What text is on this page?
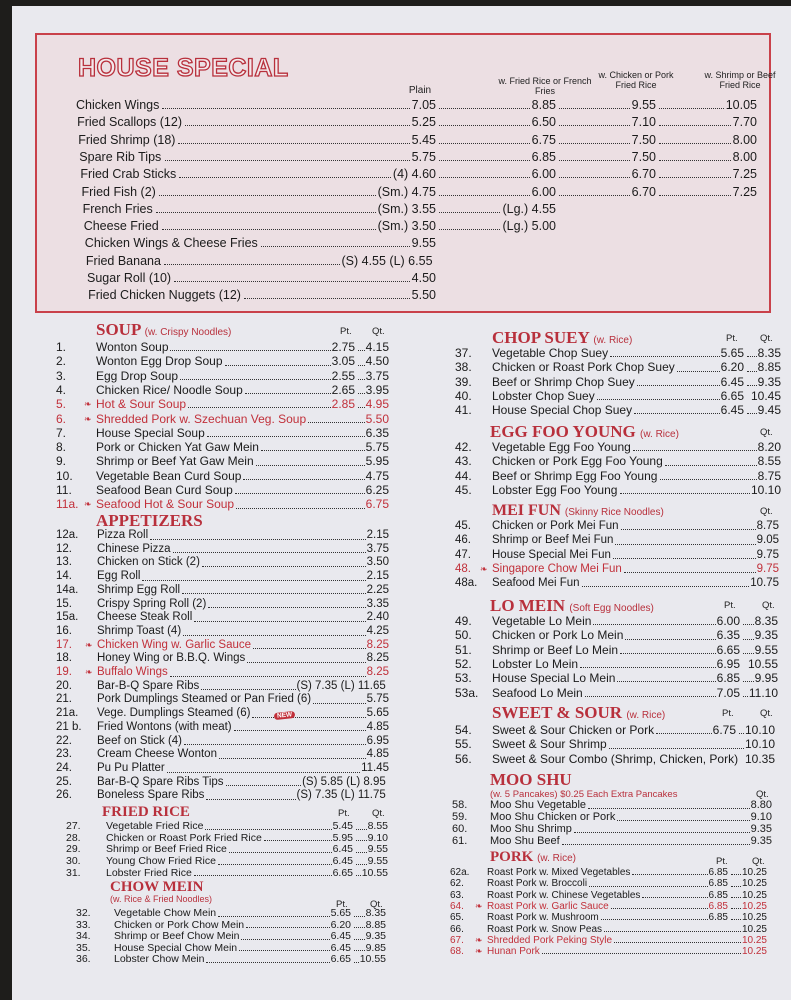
HOUSE SPECIAL
Plain
w. Fried Rice or French Fries
w. Chicken or Pork Fried Rice
w. Shrimp or Beef Fried Rice
Chicken Wings	7.05	8.85	9.55	10.05
Fried Scallops (12)	5.25	6.50	7.10	7.70
Fried Shrimp (18)	5.45	6.75	7.50	8.00
Spare Rib Tips	5.75	6.85	7.50	8.00
Fried Crab Sticks	(4) 4.60	6.00	6.70	7.25
Fried Fish (2)	(Sm.) 4.75	6.00	6.70	7.25
French Fries	(Sm.) 3.55	(Lg.) 4.55
Cheese Fried	(Sm.) 3.50	(Lg.) 5.00
Chicken Wings & Cheese Fries	9.55
Fried Banana	(S) 4.55 (L) 6.55
Sugar Roll (10)	4.50
Fried Chicken Nuggets (12)	5.50
SOUP (w. Crispy Noodles)	Pt. Qt.
1. Wonton Soup	2.75 4.15
2. Wonton Egg Drop Soup	3.05 4.50
3. Egg Drop Soup	2.55 3.75
4. Chicken Rice/ Noodle Soup	2.65 3.95
5. ❧ Hot & Sour Soup	2.85 4.95
6. ❧ Shredded Pork w. Szechuan Veg. Soup	5.50
7. House Special Soup	6.35
8. Pork or Chicken Yat Gaw Mein	5.75
9. Shrimp or Beef Yat Gaw Mein	5.95
10. Vegetable Bean Curd Soup	4.75
11. Seafood Bean Curd Soup	6.25
11a. ❧ Seafood Hot & Sour Soup	6.75
APPETIZERS
12a. Pizza Roll	2.15
12. Chinese Pizza	3.75
13. Chicken on Stick (2)	3.50
14. Egg Roll	2.15
14a. Shrimp Egg Roll	2.25
15. Crispy Spring Roll (2)	3.35
15a. Cheese Steak Roll	2.40
16. Shrimp Toast (4)	4.25
17. ❧ Chicken Wing w. Garlic Sauce	8.25
18. Honey Wing or B.B.Q. Wings	8.25
19. ❧ Buffalo Wings	8.25
20. Bar-B-Q Spare Ribs	(S) 7.35 (L) 11.65
21. Pork Dumplings Steamed or Pan Fried (6)	5.75
21a. Vege. Dumplings Steamed (6)	5.65
21 b. Fried Wontons (with meat)	4.85
22. Beef on Stick (4)	6.95
23. Cream Cheese Wonton	4.85
24. Pu Pu Platter	11.45
25. Bar-B-Q Spare Ribs Tips	(S) 5.85 (L) 8.95
26. Boneless Spare Ribs	(S) 7.35 (L) 11.75
FRIED RICE	Pt. Qt.
27. Vegetable Fried Rice	5.45 8.55
28. Chicken or Roast Pork Fried Rice	5.95 9.10
29. Shrimp or Beef Fried Rice	6.45 9.55
30. Young Chow Fried Rice	6.45 9.55
31. Lobster Fried Rice	6.65 10.55
CHOW MEIN
(w. Rice & Fried Noodles)	Pt. Qt.
32. Vegetable Chow Mein	5.65 8.35
33. Chicken or Pork Chow Mein	6.20 8.85
34. Shrimp or Beef Chow Mein	6.45 9.35
35. House Special Chow Mein	6.45 9.85
36. Lobster Chow Mein	6.65 10.55
CHOP SUEY (w. Rice)	Pt. Qt.
37. Vegetable Chop Suey	5.65 8.35
38. Chicken or Roast Pork Chop Suey	6.20 8.85
39. Beef or Shrimp Chop Suey	6.45 9.35
40. Lobster Chop Suey	6.65 10.45
41. House Special Chop Suey	6.45 9.45
EGG FOO YOUNG (w. Rice)	Qt.
42. Vegetable Egg Foo Young	8.20
43. Chicken or Pork Egg Foo Young	8.55
44. Beef or Shrimp Egg Foo Young	8.75
45. Lobster Egg Foo Young	10.10
MEI FUN (Skinny Rice Noodles)	Qt.
45. Chicken or Pork Mei Fun	8.75
46. Shrimp or Beef Mei Fun	9.05
47. House Special Mei Fun	9.75
48. ❧ Singapore Chow Mei Fun	9.75
48a. Seafood Mei Fun	10.75
LO MEIN (Soft Egg Noodles)	Pt.	Qt.
49. Vegetable Lo Mein	6.00 8.35
50. Chicken or Pork Lo Mein	6.35 9.35
51. Shrimp or Beef Lo Mein	6.65 9.55
52. Lobster Lo Mein	6.95 10.55
53. House Special Lo Mein	6.85 9.95
53a. Seafood Lo Mein	7.05 11.10
SWEET & SOUR (w. Rice)	Pt.	Qt.
54. Sweet & Sour Chicken or Pork	6.75 10.10
55. Sweet & Sour Shrimp	10.10
56. Sweet & Sour Combo (Shrimp, Chicken, Pork) 10.35
MOO SHU
(w. 5 Pancakes) $0.25 Each Extra Pancakes	Qt.
58. Moo Shu Vegetable	8.80
59. Moo Shu Chicken or Pork	9.10
60. Moo Shu Shrimp	9.35
61. Moo Shu Beef	9.35
PORK (w. Rice)	Pt.	Qt.
62a. Roast Pork w. Mixed Vegetables	6.85 10.25
62. Roast Pork w. Broccoli	6.85 10.25
63. Roast Pork w. Chinese Vegetables	6.85 10.25
64. ❧ Roast Pork w. Garlic Sauce	6.85 10.25
65. Roast Pork w. Mushroom	6.85 10.25
66. Roast Pork w. Snow Peas	10.25
67. ❧ Shredded Pork Peking Style	10.25
68. ❧ Hunan Pork	10.25
NEW
